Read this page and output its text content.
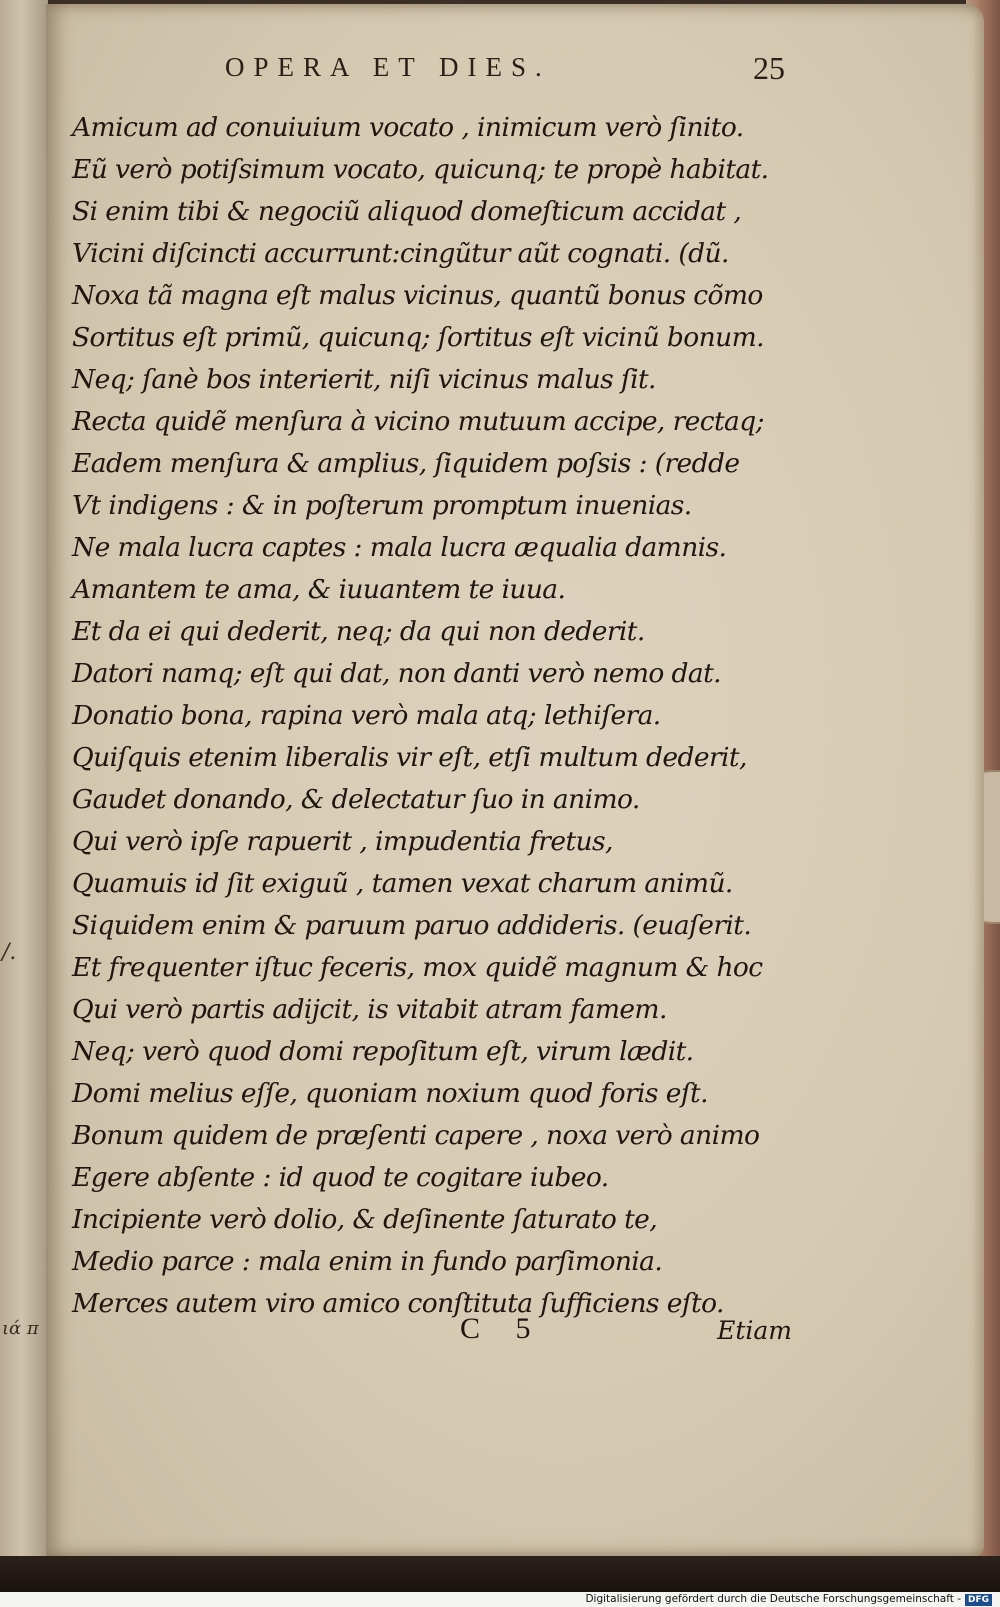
/.
ιά π
OPERA ET DIES.	25
Amicum ad conuiuium vocato , inimicum verò ſinito.
Eũ verò potiſsimum vocato, quicunq; te propè habitat.
Si enim tibi & negociũ aliquod domeſticum accidat ,
Vicini diſcincti accurrunt:cingũtur aũt cognati. (dũ.
Noxa tã magna eſt malus vicinus, quantũ bonus cõmo
Sortitus eſt primũ, quicunq; ſortitus eſt vicinũ bonum.
Neq; ſanè bos interierit, niſi vicinus malus ſit.
Recta quidẽ menſura à vicino mutuum accipe, rectaq;
Eadem menſura & amplius, ſiquidem poſsis : (redde
Vt indigens : & in poſterum promptum inuenias.
Ne mala lucra captes : mala lucra æqualia damnis.
Amantem te ama, & iuuantem te iuua.
Et da ei qui dederit, neq; da qui non dederit.
Datori namq; eſt qui dat, non danti verò nemo dat.
Donatio bona, rapina verò mala atq; lethiſera.
Quiſquis etenim liberalis vir eſt, etſi multum dederit,
Gaudet donando, & delectatur ſuo in animo.
Qui verò ipſe rapuerit , impudentia fretus,
Quamuis id ſit exiguũ , tamen vexat charum animũ.
Siquidem enim & paruum paruo addideris. (euaſerit.
Et frequenter iſtuc feceris, mox quidẽ magnum & hoc
Qui verò partis adijcit, is vitabit atram famem.
Neq; verò quod domi repoſitum eſt, virum lædit.
Domi melius eſſe, quoniam noxium quod foris eſt.
Bonum quidem de præſenti capere , noxa verò animo
Egere abſente : id quod te cogitare iubeo.
Incipiente verò dolio, & deſinente ſaturato te,
Medio parce : mala enim in fundo parſimonia.
Merces autem viro amico conſtituta ſufficiens eſto.
C 5	Etiam
Digitalisierung gefördert durch die Deutsche Forschungsgemeinschaft - DFG
